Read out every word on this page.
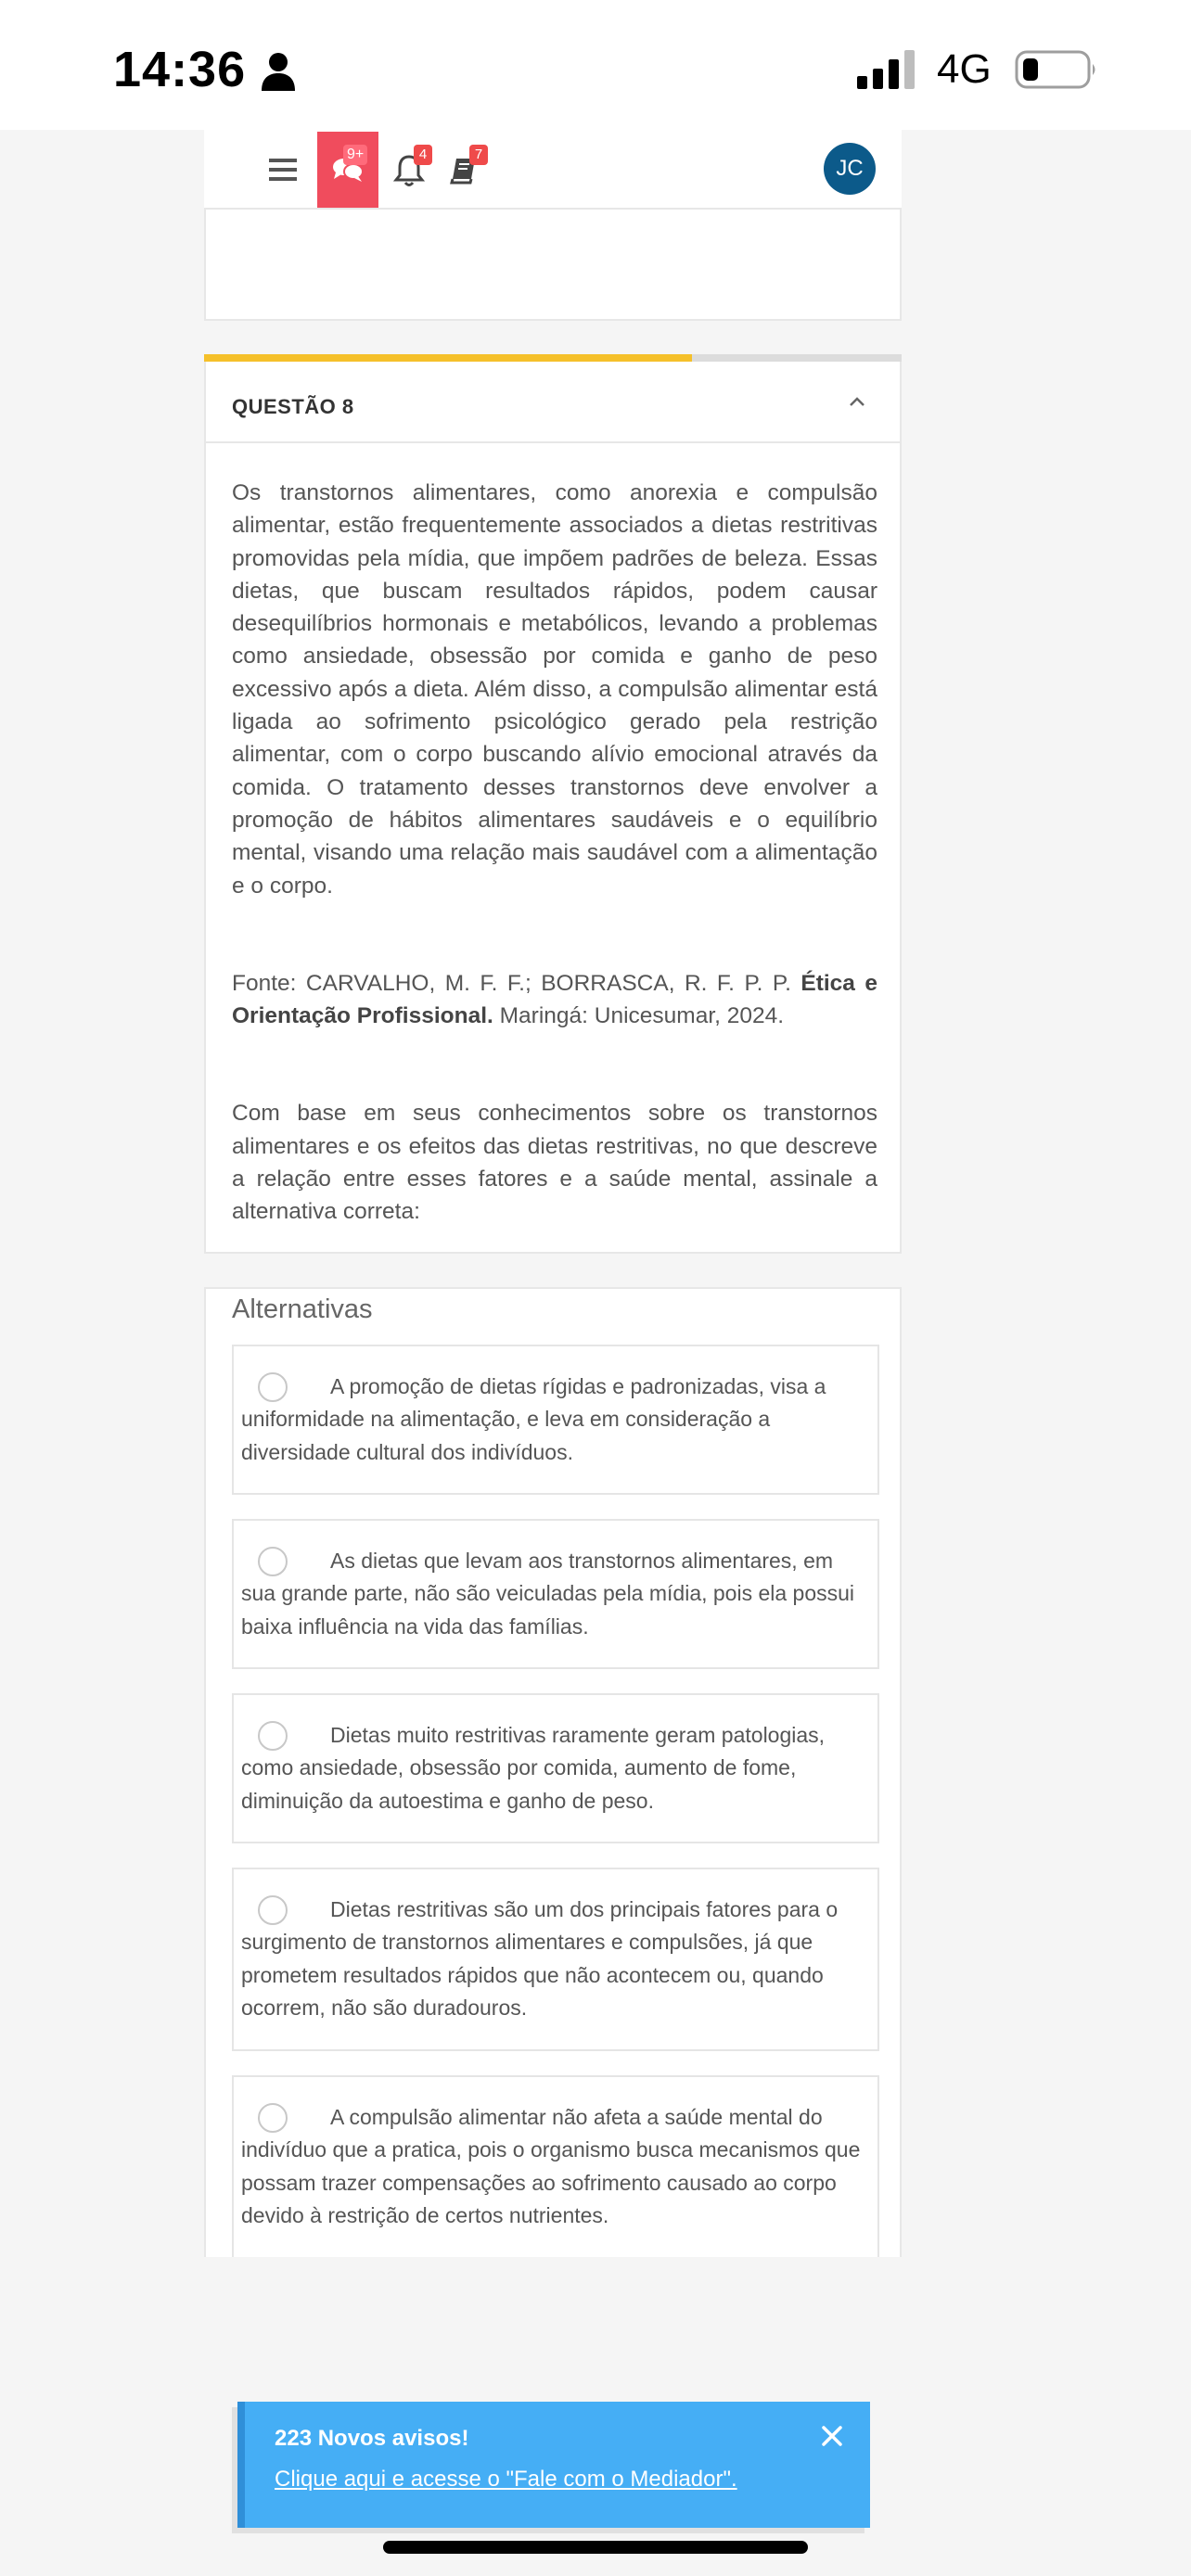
14:36	4G
9+	4	7
JC
QUESTÃO 8

Os transtornos alimentares, como anorexia e compulsão alimentar, estão frequentemente associados a dietas restritivas promovidas pela mídia, que impõem padrões de beleza. Essas dietas, que buscam resultados rápidos, podem causar desequilíbrios hormonais e metabólicos, levando a problemas como ansiedade, obsessão por comida e ganho de peso excessivo após a dieta. Além disso, a compulsão alimentar está ligada ao sofrimento psicológico gerado pela restrição alimentar, com o corpo buscando alívio emocional através da comida. O tratamento desses transtornos deve envolver a promoção de hábitos alimentares saudáveis e o equilíbrio mental, visando uma relação mais saudável com a alimentação e o corpo.

Fonte: CARVALHO, M. F. F.; BORRASCA, R. F. P. P. Ética e Orientação Profissional. Maringá: Unicesumar, 2024.

Com base em seus conhecimentos sobre os transtornos alimentares e os efeitos das dietas restritivas, no que descreve a relação entre esses fatores e a saúde mental, assinale a alternativa correta:

Alternativas
A promoção de dietas rígidas e padronizadas, visa a uniformidade na alimentação, e leva em consideração a diversidade cultural dos indivíduos.
As dietas que levam aos transtornos alimentares, em sua grande parte, não são veiculadas pela mídia, pois ela possui baixa influência na vida das famílias.
Dietas muito restritivas raramente geram patologias, como ansiedade, obsessão por comida, aumento de fome, diminuição da autoestima e ganho de peso.
Dietas restritivas são um dos principais fatores para o surgimento de transtornos alimentares e compulsões, já que prometem resultados rápidos que não acontecem ou, quando ocorrem, não são duradouros.
A compulsão alimentar não afeta a saúde mental do indivíduo que a pratica, pois o organismo busca mecanismos que possam trazer compensações ao sofrimento causado ao corpo devido à restrição de certos nutrientes.
223 Novos avisos!
Clique aqui e acesse o "Fale com o Mediador".
